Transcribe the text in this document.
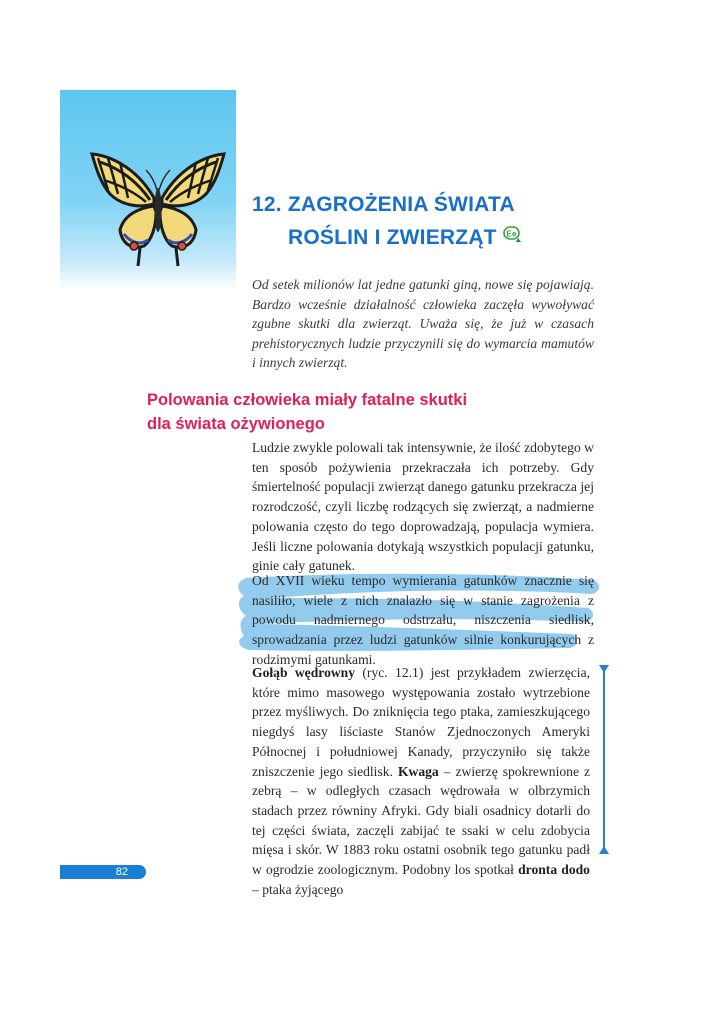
12. ZAGROŻENIA ŚWIATA
ROŚLIN I ZWIERZĄT Ee

Od setek milionów lat jedne gatunki giną, nowe się pojawiają. Bardzo wcześnie działalność człowieka zaczęła wywoływać zgubne skutki dla zwierząt. Uważa się, że już w czasach prehistorycznych ludzie przyczynili się do wymarcia mamutów i innych zwierząt.

Polowania człowieka miały fatalne skutki
dla świata ożywionego

Ludzie zwykle polowali tak intensywnie, że ilość zdobytego w ten sposób pożywienia przekraczała ich potrzeby. Gdy śmiertelność populacji zwierząt danego gatunku przekracza jej rozrodczość, czyli liczbę rodzących się zwierząt, a nadmierne polowania często do tego doprowadzają, populacja wymiera. Jeśli liczne polowania dotykają wszystkich populacji gatunku, ginie cały gatunek.

Od XVII wieku tempo wymierania gatunków znacznie się nasiliło, wiele z nich znalazło się w stanie zagrożenia z powodu nadmiernego odstrzału, niszczenia siedlisk, sprowadzania przez ludzi gatunków silnie konkurujących z rodzimymi gatunkami.

Gołąb wędrowny (ryc. 12.1) jest przykładem zwierzęcia, które mimo masowego występowania zostało wytrzebione przez myśliwych. Do zniknięcia tego ptaka, zamieszkującego niegdyś lasy liściaste Stanów Zjednoczonych Ameryki Północnej i południowej Kanady, przyczyniło się także zniszczenie jego siedlisk. Kwaga – zwierzę spokrewnione z zebrą – w odległych czasach wędrowała w olbrzymich stadach przez równiny Afryki. Gdy biali osadnicy dotarli do tej części świata, zaczęli zabijać te ssaki w celu zdobycia mięsa i skór. W 1883 roku ostatni osobnik tego gatunku padł w ogrodzie zoologicznym. Podobny los spotkał dronta dodo – ptaka żyjącego

82
